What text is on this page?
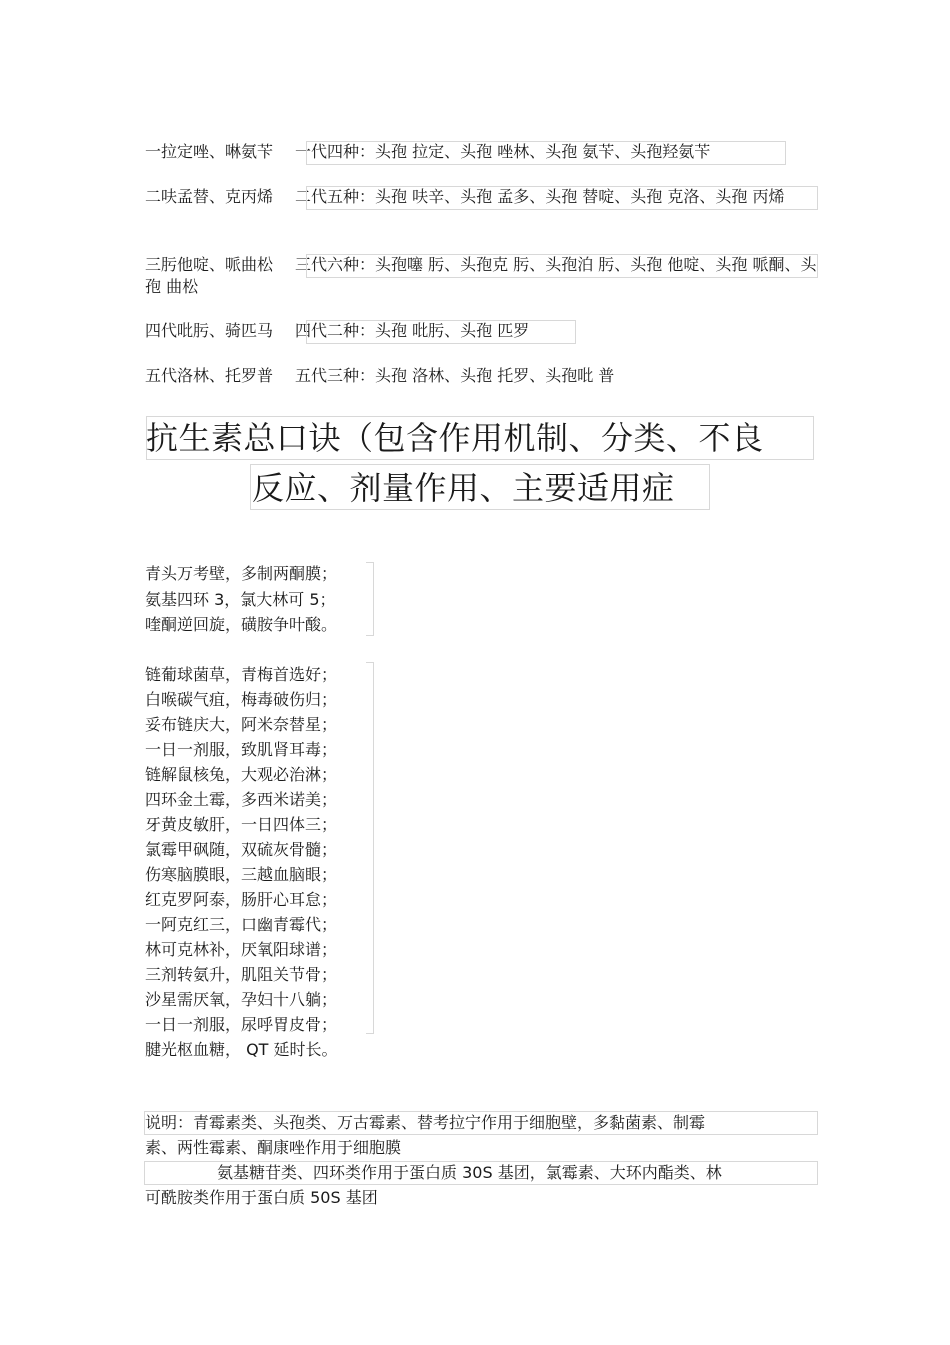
一拉定唑、啉氨苄 一代四种：头孢 拉定、头孢 唑林、头孢 氨苄、头孢羟氨苄
二呋孟替、克丙烯 二代五种：头孢 呋辛、头孢 孟多、头孢 替啶、头孢 克洛、头孢 丙烯
三肟他啶、哌曲松 三代六种：头孢噻 肟、头孢克 肟、头孢泊 肟、头孢 他啶、头孢 哌酮、头孢 曲松
四代吡肟、骑匹马 四代二种：头孢 吡肟、头孢 匹罗
五代洛林、托罗普 五代三种：头孢 洛林、头孢 托罗、头孢吡 普
抗生素总口诀（包含作用机制、分类、不良
反应、剂量作用、主要适用症
青头万考壁，多制两酮膜；
氨基四环 3，氯大林可 5；
喹酮逆回旋，磺胺争叶酸。
链葡球菌草，青梅首选好；
白喉碳气疽，梅毒破伤归；
妥布链庆大，阿米奈替星；
一日一剂服，致肌肾耳毒；
链解鼠核兔，大观必治淋；
四环金土霉，多西米诺美；
牙黄皮敏肝，一日四体三；
氯霉甲砜随，双硫灰骨髓；
伤寒脑膜眼，三越血脑眼；
红克罗阿泰，肠肝心耳怠；
一阿克红三，口幽青霉代；
林可克林补，厌氧阳球谱；
三剂转氨升，肌阻关节骨；
沙星需厌氧，孕妇十八躺；
一日一剂服，尿呼胃皮骨；
腱光枢血糖， QT 延时长。
说明：青霉素类、头孢类、万古霉素、替考拉宁作用于细胞壁，多黏菌素、制霉
素、两性霉素、酮康唑作用于细胞膜
氨基糖苷类、四环类作用于蛋白质 30S 基团，氯霉素、大环内酯类、林
可酰胺类作用于蛋白质 50S 基团
